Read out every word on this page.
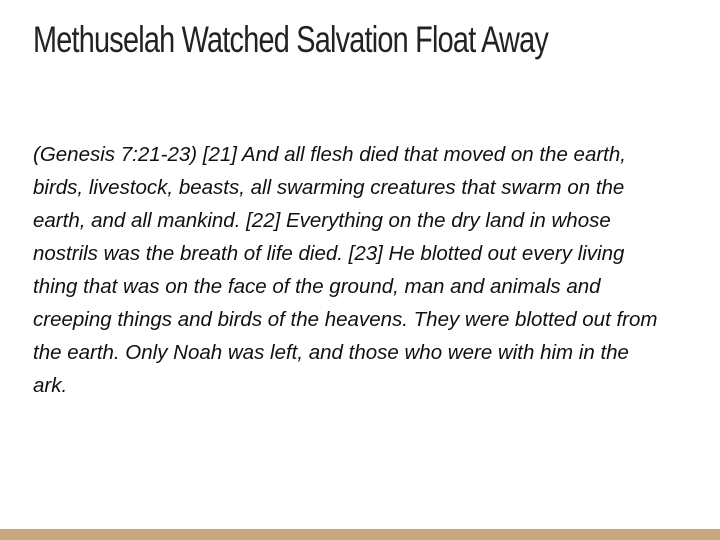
Methuselah Watched Salvation Float Away
(Genesis 7:21-23) [21] And all flesh died that moved on the earth, birds, livestock, beasts, all swarming creatures that swarm on the earth, and all mankind. [22] Everything on the dry land in whose nostrils was the breath of life died. [23] He blotted out every living thing that was on the face of the ground, man and animals and creeping things and birds of the heavens. They were blotted out from the earth. Only Noah was left, and those who were with him in the ark.
